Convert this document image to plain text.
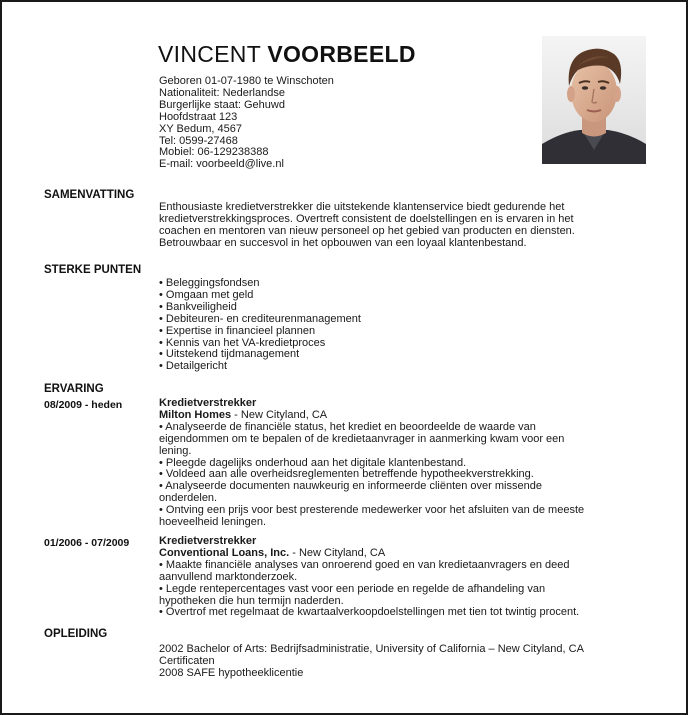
VINCENT VOORBEELD
Geboren 01-07-1980 te Winschoten
Nationaliteit: Nederlandse
Burgerlijke staat: Gehuwd
Hoofdstraat 123
XY Bedum, 4567
Tel: 0599-27468
Mobiel: 06-129238388
E-mail: voorbeeld@live.nl
SAMENVATTING
Enthousiaste kredietverstrekker die uitstekende klantenservice biedt gedurende het
kredietverstrekkingsproces. Overtreft consistent de doelstellingen en is ervaren in het
coachen en mentoren van nieuw personeel op het gebied van producten en diensten.
Betrouwbaar en succesvol in het opbouwen van een loyaal klantenbestand.
STERKE PUNTEN
• Beleggingsfondsen
• Omgaan met geld
• Bankveiligheid
• Debiteuren- en crediteurenmanagement
• Expertise in financieel plannen
• Kennis van het VA-kredietproces
• Uitstekend tijdmanagement
• Detailgericht
ERVARING
08/2009 - heden	Kredietverstrekker
Milton Homes - New Cityland, CA
• Analyseerde de financiële status, het krediet en beoordeelde de waarde van
eigendommen om te bepalen of de kredietaanvrager in aanmerking kwam voor een
lening.
• Pleegde dagelijks onderhoud aan het digitale klantenbestand.
• Voldeed aan alle overheidsreglementen betreffende hypotheekverstrekking.
• Analyseerde documenten nauwkeurig en informeerde cliënten over missende
onderdelen.
• Ontving een prijs voor best presterende medewerker voor het afsluiten van de meeste
hoeveelheid leningen.
01/2006 - 07/2009	Kredietverstrekker
Conventional Loans, Inc. - New Cityland, CA
• Maakte financiële analyses van onroerend goed en van kredietaanvragers en deed
aanvullend marktonderzoek.
• Legde rentepercentages vast voor een periode en regelde de afhandeling van
hypotheken die hun termijn naderden.
• Overtrof met regelmaat de kwartaalverkoopdoelstellingen met tien tot twintig procent.
OPLEIDING
2002 Bachelor of Arts: Bedrijfsadministratie, University of California – New Cityland, CA
Certificaten
2008 SAFE hypotheeklicentie
